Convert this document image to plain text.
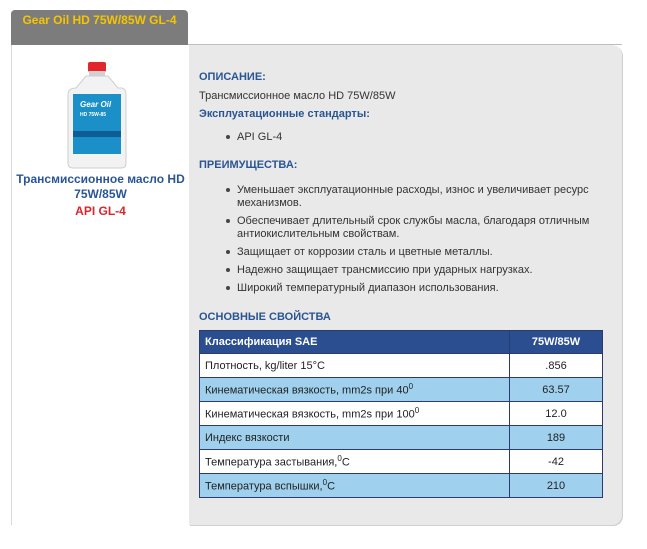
Gear Oil HD 75W/85W GL-4
Gear Oil
HD 75W-85
Трансмиссионное масло HD 75W/85W
API GL-4
ОПИСАНИЕ:
Трансмиссионное масло HD 75W/85W
Эксплуатационные стандарты:
API GL-4
ПРЕИМУЩЕСТВА:
Уменьшает эксплуатационные расходы, износ и увеличивает ресурс механизмов.
Обеспечивает длительный срок службы масла, благодаря отличным антиокислительным свойствам.
Защищает от коррозии сталь и цветные металлы.
Надежно защищает трансмиссию при ударных нагрузках.
Широкий температурный диапазон использования.
ОСНОВНЫЕ СВОЙСТВА
Классификация SAE	75W/85W
Плотность, kg/liter 15°C	.856
Кинематическая вязкость, mm2s при $40^0$	63.57
Кинематическая вязкость, mm2s при $100^0$	12.0
Индекс вязкости	189
Температура застывания,$^0$C	-42
Температура вспышки,$^0$C	210
